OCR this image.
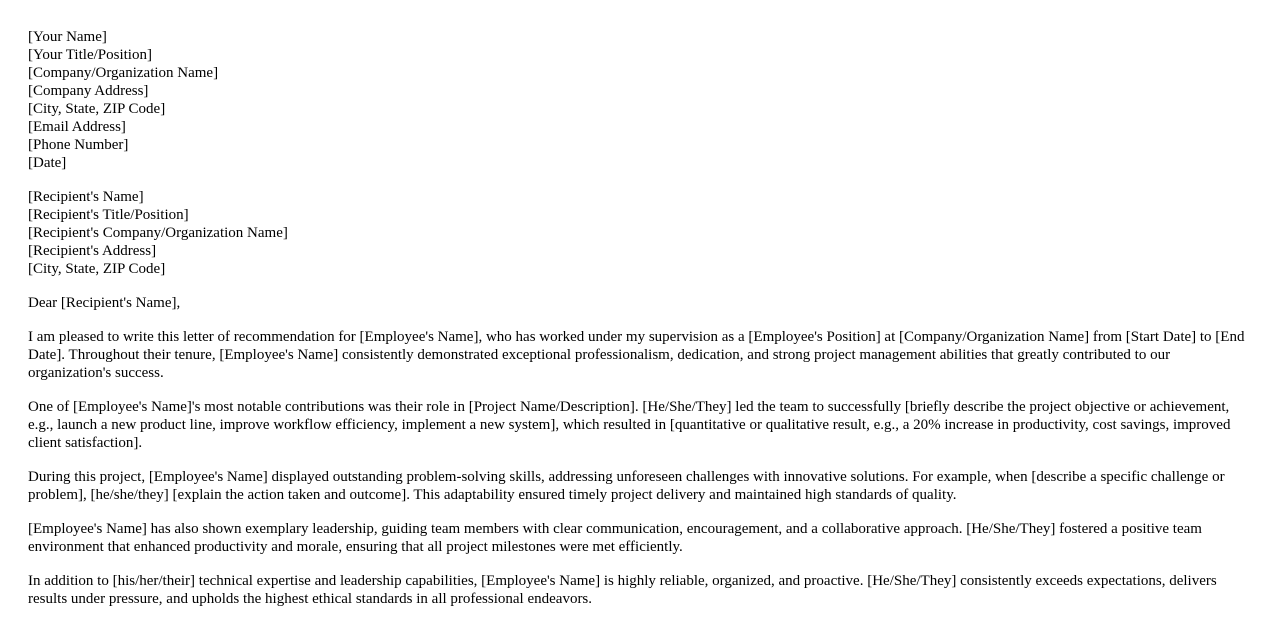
[Your Name]
[Your Title/Position]
[Company/Organization Name]
[Company Address]
[City, State, ZIP Code]
[Email Address]
[Phone Number]
[Date]
[Recipient's Name]
[Recipient's Title/Position]
[Recipient's Company/Organization Name]
[Recipient's Address]
[City, State, ZIP Code]

Dear [Recipient's Name],

I am pleased to write this letter of recommendation for [Employee's Name], who has worked under my supervision as a [Employee's Position] at [Company/Organization Name] from [Start Date] to [End Date]. Throughout their tenure, [Employee's Name] consistently demonstrated exceptional professionalism, dedication, and strong project management abilities that greatly contributed to our organization's success.

One of [Employee's Name]'s most notable contributions was their role in [Project Name/Description]. [He/She/They] led the team to successfully [briefly describe the project objective or achievement, e.g., launch a new product line, improve workflow efficiency, implement a new system], which resulted in [quantitative or qualitative result, e.g., a 20% increase in productivity, cost savings, improved client satisfaction].

During this project, [Employee's Name] displayed outstanding problem-solving skills, addressing unforeseen challenges with innovative solutions. For example, when [describe a specific challenge or problem], [he/she/they] [explain the action taken and outcome]. This adaptability ensured timely project delivery and maintained high standards of quality.

[Employee's Name] has also shown exemplary leadership, guiding team members with clear communication, encouragement, and a collaborative approach. [He/She/They] fostered a positive team environment that enhanced productivity and morale, ensuring that all project milestones were met efficiently.

In addition to [his/her/their] technical expertise and leadership capabilities, [Employee's Name] is highly reliable, organized, and proactive. [He/She/They] consistently exceeds expectations, delivers results under pressure, and upholds the highest ethical standards in all professional endeavors.
